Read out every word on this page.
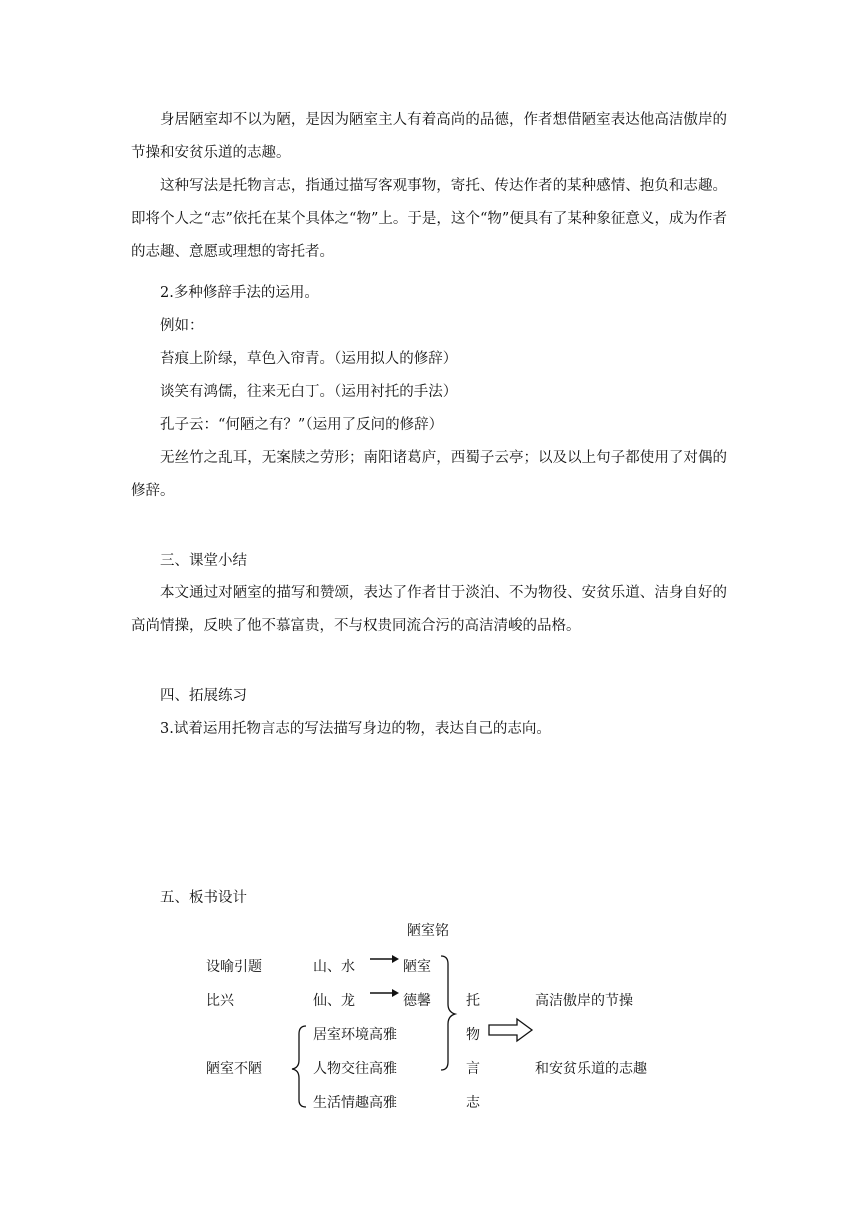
身居陋室却不以为陋，是因为陋室主人有着高尚的品德，作者想借陋室表达他高洁傲岸的节操和安贫乐道的志趣。

这种写法是托物言志，指通过描写客观事物，寄托、传达作者的某种感情、抱负和志趣。即将个人之“志”依托在某个具体之“物”上。于是，这个“物”便具有了某种象征意义，成为作者的志趣、意愿或理想的寄托者。

2.多种修辞手法的运用。

例如：

苔痕上阶绿，草色入帘青。（运用拟人的修辞）

谈笑有鸿儒，往来无白丁。（运用衬托的手法）

孔子云：“何陋之有？”（运用了反问的修辞）

无丝竹之乱耳，无案牍之劳形；南阳诸葛庐，西蜀子云亭；以及以上句子都使用了对偶的修辞。

三、课堂小结

本文通过对陋室的描写和赞颂，表达了作者甘于淡泊、不为物役、安贫乐道、洁身自好的高尚情操，反映了他不慕富贵，不与权贵同流合污的高洁清峻的品格。

四、拓展练习

3.试着运用托物言志的写法描写身边的物，表达自己的志向。

五、板书设计
陋室铭
设喻引题	山、水	陋室
比兴	仙、龙	德馨
居室环境高雅
陋室不陋	人物交往高雅
生活情趣高雅
托
物
言
志
高洁傲岸的节操
和安贫乐道的志趣
